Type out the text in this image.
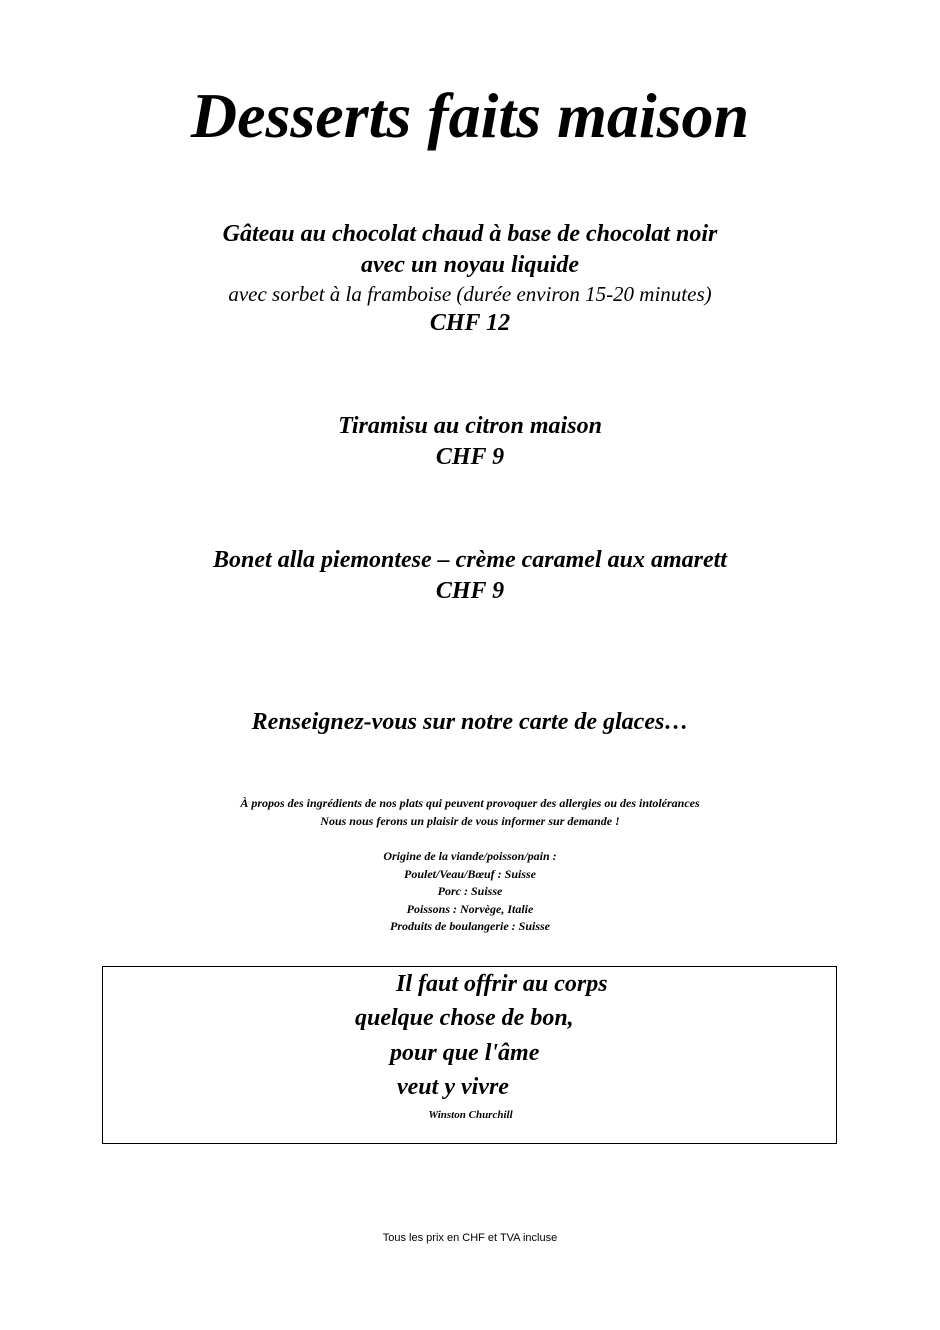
Desserts faits maison
Gâteau au chocolat chaud à base de chocolat noir
avec un noyau liquide
avec sorbet à la framboise (durée environ 15-20 minutes)
CHF 12
Tiramisu au citron maison
CHF 9
Bonet alla piemontese – crème caramel aux amarett
CHF 9
Renseignez-vous sur notre carte de glaces…
À propos des ingrédients de nos plats qui peuvent provoquer des allergies ou des intolérances
Nous nous ferons un plaisir de vous informer sur demande !
Origine de la viande/poisson/pain :
Poulet/Veau/Bœuf : Suisse
Porc : Suisse
Poissons : Norvège, Italie
Produits de boulangerie : Suisse
Il faut offrir au corps
quelque chose de bon,
pour que l'âme
veut y vivre
Winston Churchill
Tous les prix en CHF et TVA incluse
